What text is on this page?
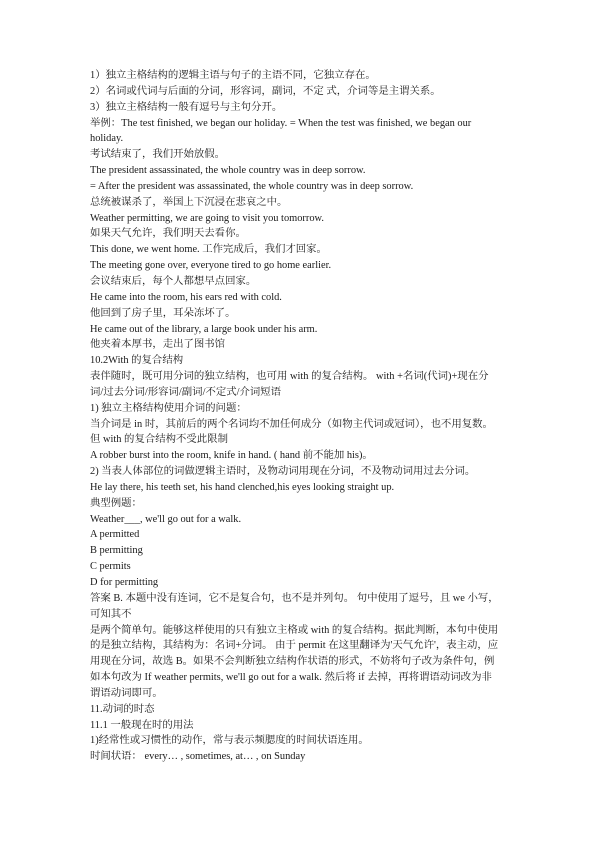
1）独立主格结构的逻辑主语与句子的主语不同，它独立存在。
2）名词或代词与后面的分词，形容词，副词，不定 式，介词等是主谓关系。
3）独立主格结构一般有逗号与主句分开。
举例：The test finished, we began our holiday. = When the test was finished, we began our
holiday.
考试结束了，我们开始放假。
The president assassinated, the whole country was in deep sorrow.
= After the president was assassinated, the whole country was in deep sorrow.
总统被谋杀了，举国上下沉浸在悲哀之中。
Weather permitting, we are going to visit you tomorrow.
如果天气允许，我们明天去看你。
This done, we went home. 工作完成后，我们才回家。
The meeting gone over, everyone tired to go home earlier.
会议结束后，每个人都想早点回家。
He came into the room, his ears red with cold.
他回到了房子里，耳朵冻坏了。
He came out of the library, a large book under his arm.
他夹着本厚书，走出了图书馆
10.2With 的复合结构
表伴随时，既可用分词的独立结构，也可用 with 的复合结构。 with +名词(代词)+现在分
词/过去分词/形容词/副词/不定式/介词短语
1) 独立主格结构使用介词的问题：
当介词是 in 时，其前后的两个名词均不加任何成分（如物主代词或冠词），也不用复数。
但 with 的复合结构不受此限制
A robber burst into the room, knife in hand. ( hand 前不能加 his)。
2) 当表人体部位的词做逻辑主语时，及物动词用现在分词，不及物动词用过去分词。
He lay there, his teeth set, his hand clenched,his eyes looking straight up.
典型例题：
Weather___, we'll go out for a walk.
A permitted
B permitting
C permits
D for permitting
答案 B. 本题中没有连词，它不是复合句，也不是并列句。 句中使用了逗号，且 we 小写，
可知其不
是两个简单句。能够这样使用的只有独立主格或 with 的复合结构。据此判断，本句中使用
的是独立结构，其结构为：名词+分词。 由于 permit 在这里翻译为'天气允许'，表主动，应
用现在分词，故选 B。如果不会判断独立结构作状语的形式，不妨将句子改为条件句，例
如本句改为 If weather permits, we'll go out for a walk. 然后将 if 去掉，再将谓语动词改为非
谓语动词即可。
11.动词的时态
11.1 一般现在时的用法
1)经常性或习惯性的动作，常与表示频腮度的时间状语连用。
时间状语： every… , sometimes, at… , on Sunday
